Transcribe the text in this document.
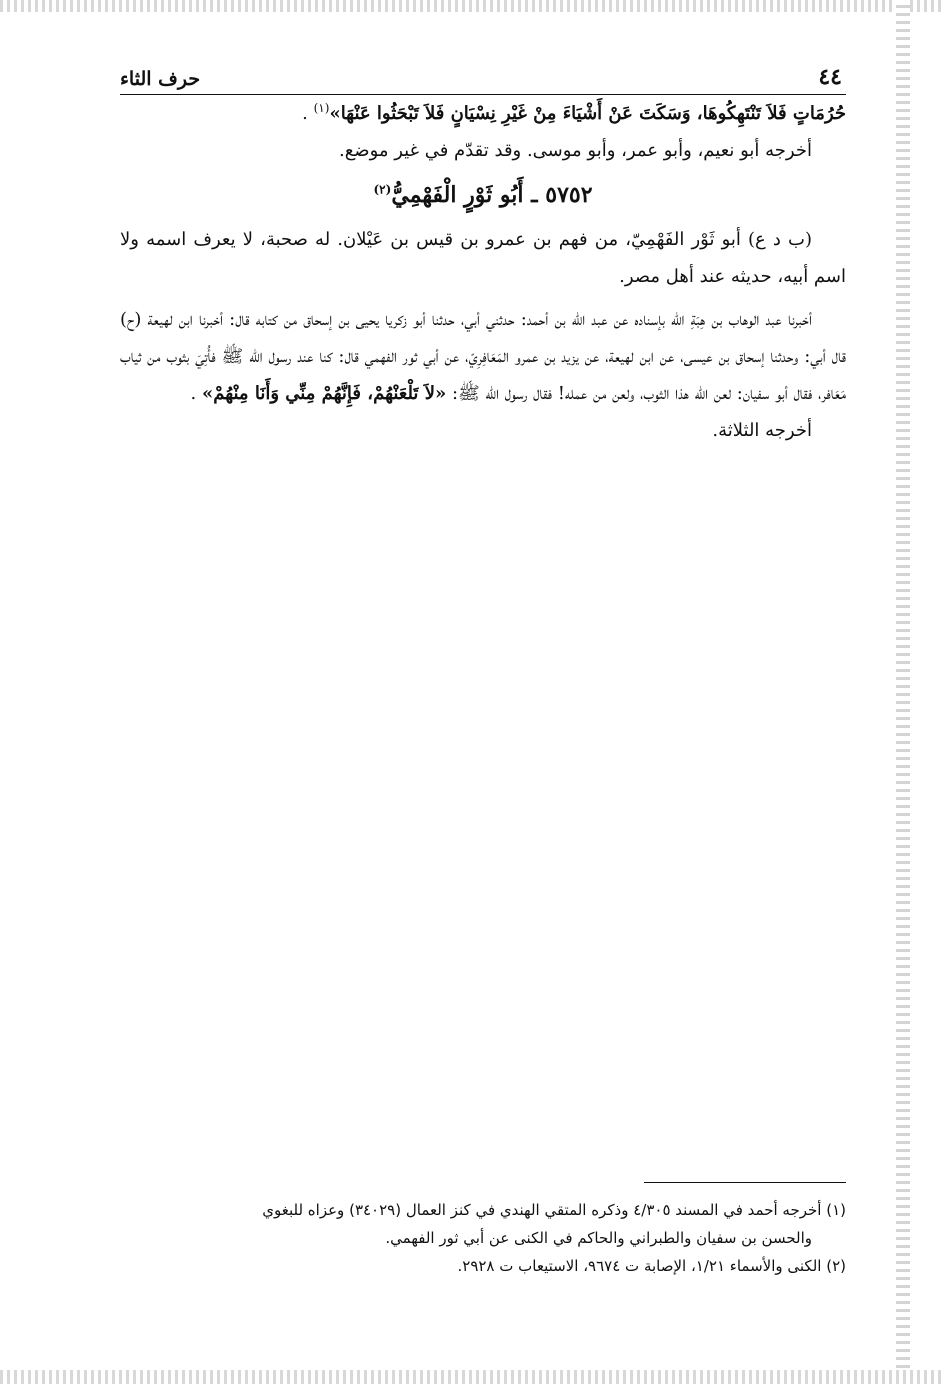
٤٤
حرف الثاء

حُرُمَاتٍ فَلاَ تَنْتَهِكُوهَا، وَسَكَتَ عَنْ أَشْيَاءَ مِنْ غَيْرِ نِسْيَانٍ فَلاَ تَبْحَثُوا عَنْهَا»$^{(١)}$ .

أخرجه أبو نعيم، وأبو عمر، وأبو موسى. وقد تقدّم في غير موضع.

٥٧٥٢ ـ أَبُو ثَوْرٍ الْفَهْمِيُّ$^{(٢)}$

(ب د ع) أبو ثَوْر الفَهْمِيّ، من فهم بن عمرو بن قيس بن عَيْلان. له صحبة، لا يعرف اسمه ولا اسم أبيه، حديثه عند أهل مصر.

أخبرنا عبد الوهاب بن هِبَةِ الله بإسناده عن عبد الله بن أحمد: حدثني أبي، حدثنا أبو زكريا يحيى بن إسحاق من كتابه قال: أخبرنا ابن لهيعة (ح) قال أبي: وحدثنا إسحاق بن عيسى، عن ابن لهيعة، عن يزيد بن عمرو المَعَافِرِيّ، عن أبي ثور الفهمي قال: كنا عند رسول الله ﷺ فأُتِيَ بثوب من ثياب مَعَافر، فقال أبو سفيان: لعن الله هذا الثوب، ولعن من عمله! فقال رسول الله ﷺ: «لاَ تَلْعَنْهُمْ، فَإِنَّهُمْ مِنِّي وَأَنَا مِنْهُمْ» .

أخرجه الثلاثة.

(١) أخرجه أحمد في المسند ٤/٣٠٥ وذكره المتقي الهندي في كنز العمال (٣٤٠٢٩) وعزاه للبغوي

والحسن بن سفيان والطبراني والحاكم في الكنى عن أبي ثور الفهمي.

(٢) الكنى والأسماء ١/٢١، الإصابة ت ٩٦٧٤، الاستيعاب ت ٢٩٢٨.
